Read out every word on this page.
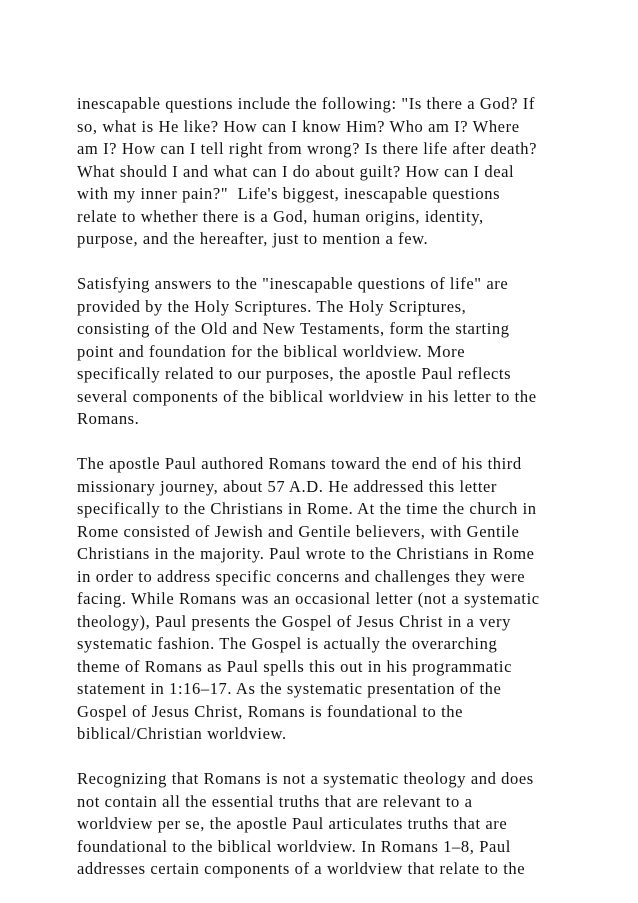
inescapable questions include the following: "Is there a God? If
so, what is He like? How can I know Him? Who am I? Where
am I? How can I tell right from wrong? Is there life after death?
What should I and what can I do about guilt? How can I deal
with my inner pain?"  Life's biggest, inescapable questions
relate to whether there is a God, human origins, identity,
purpose, and the hereafter, just to mention a few.

Satisfying answers to the "inescapable questions of life" are
provided by the Holy Scriptures. The Holy Scriptures,
consisting of the Old and New Testaments, form the starting
point and foundation for the biblical worldview. More
specifically related to our purposes, the apostle Paul reflects
several components of the biblical worldview in his letter to the
Romans.

The apostle Paul authored Romans toward the end of his third
missionary journey, about 57 A.D. He addressed this letter
specifically to the Christians in Rome. At the time the church in
Rome consisted of Jewish and Gentile believers, with Gentile
Christians in the majority. Paul wrote to the Christians in Rome
in order to address specific concerns and challenges they were
facing. While Romans was an occasional letter (not a systematic
theology), Paul presents the Gospel of Jesus Christ in a very
systematic fashion. The Gospel is actually the overarching
theme of Romans as Paul spells this out in his programmatic
statement in 1:16–17. As the systematic presentation of the
Gospel of Jesus Christ, Romans is foundational to the
biblical/Christian worldview.

Recognizing that Romans is not a systematic theology and does
not contain all the essential truths that are relevant to a
worldview per se, the apostle Paul articulates truths that are
foundational to the biblical worldview. In Romans 1–8, Paul
addresses certain components of a worldview that relate to the
